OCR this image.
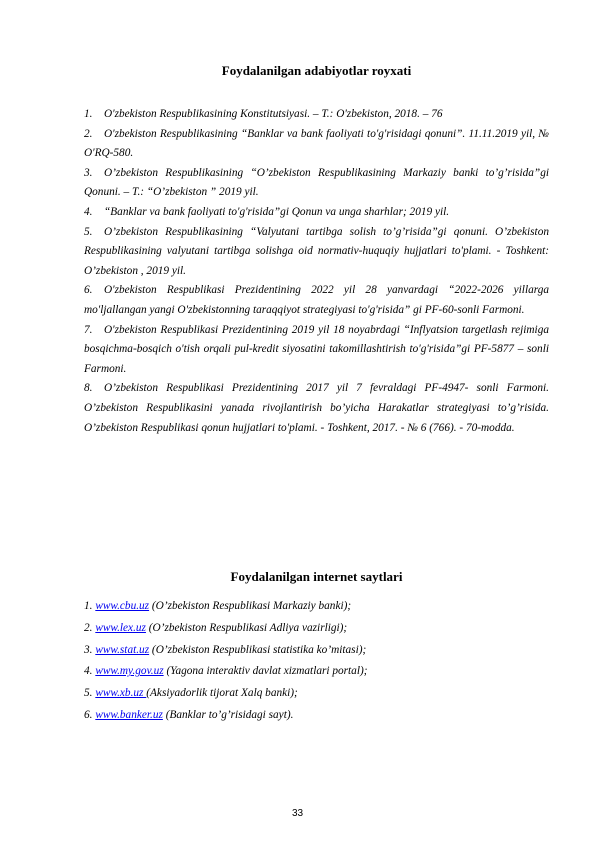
Foydalanilgan adabiyotlar royxati

1. O'zbekiston Respublikasining Konstitutsiyasi. – T.: O'zbekiston, 2018. – 76

2. O'zbekiston Respublikasining “Banklar va bank faoliyati to'g'risidagi qonuni”. 11.11.2019 yil, № O'RQ-580.

3. O’zbekiston Respublikasining “O’zbekiston Respublikasining Markaziy banki to’g’risida”gi Qonuni. – T.: “O’zbekiston ” 2019 yil.

4. “Banklar va bank faoliyati to'g'risida”gi Qonun va unga sharhlar; 2019 yil.

5. O’zbekiston Respublikasining “Valyutani tartibga solish to’g’risida”gi qonuni. O’zbekiston Respublikasining valyutani tartibga solishga oid normativ-huquqiy hujjatlari to'plami. - Toshkent: O’zbekiston , 2019 yil.

6. O'zbekiston Respublikasi Prezidentining 2022 yil 28 yanvardagi “2022-2026 yillarga mo'ljallangan yangi O'zbekistonning taraqqiyot strategiyasi to'g'risida” gi PF-60-sonli Farmoni.

7. O'zbekiston Respublikasi Prezidentining 2019 yil 18 noyabrdagi “Inflyatsion targetlash rejimiga bosqichma-bosqich o'tish orqali pul-kredit siyosatini takomillashtirish to'g'risida”gi PF-5877 – sonli Farmoni.

8. O’zbekiston Respublikasi Prezidentining 2017 yil 7 fevraldagi PF-4947- sonli Farmoni. O’zbekiston Respublikasini yanada rivojlantirish bo’yicha Harakatlar strategiyasi to’g’risida. O’zbekiston Respublikasi qonun hujjatlari to'plami. - Toshkent, 2017. - № 6 (766). - 70-modda.

Foydalanilgan internet saytlari
1. www.cbu.uz (O’zbekiston Respublikasi Markaziy banki);
2. www.lex.uz (O’zbekiston Respublikasi Adliya vazirligi);
3. www.stat.uz (O’zbekiston Respublikasi statistika ko’mitasi);
4. www.my.gov.uz (Yagona interaktiv davlat xizmatlari portal);
5. www.xb.uz (Aksiyadorlik tijorat Xalq banki);
6. www.banker.uz (Banklar to’g’risidagi sayt).
33
